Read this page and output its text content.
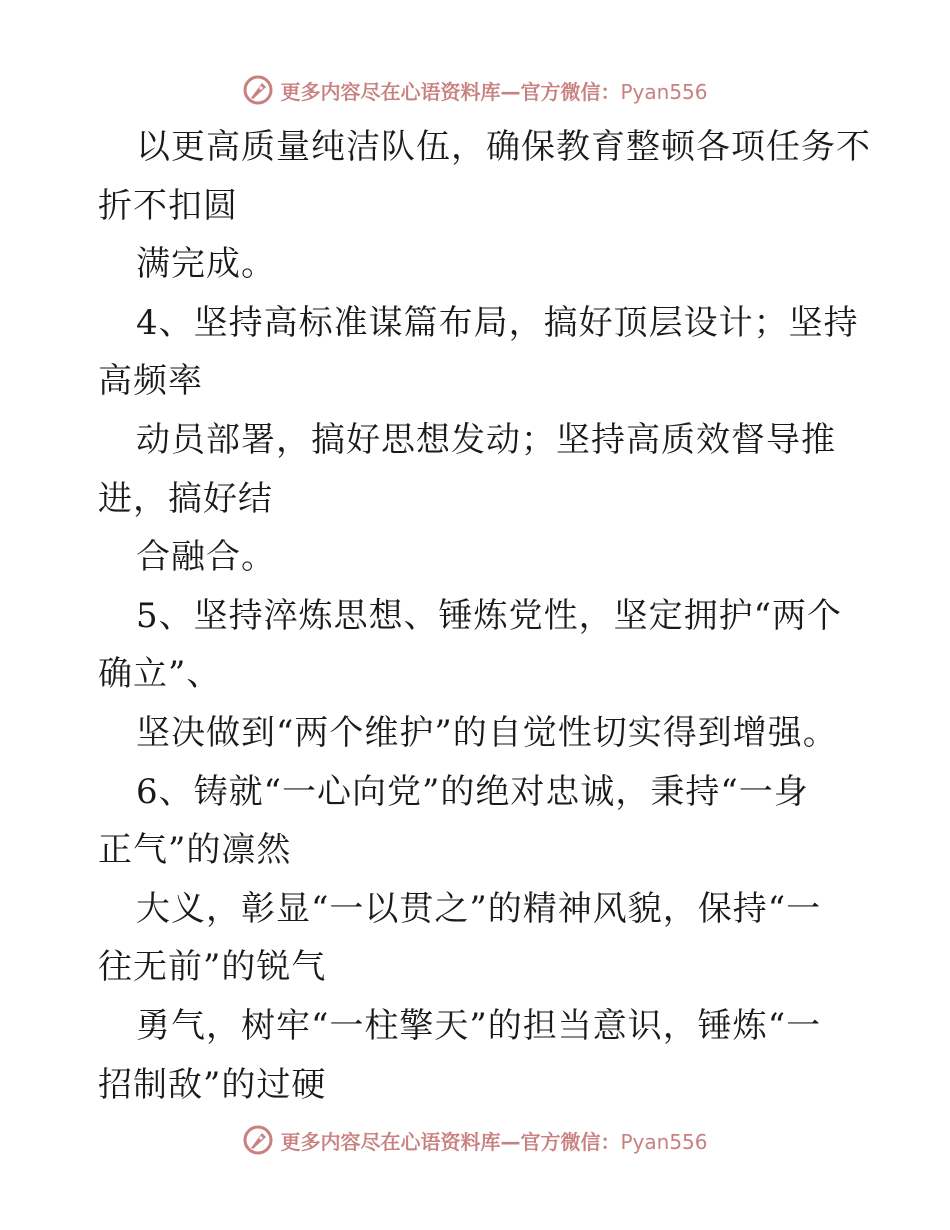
更多内容尽在心语资料库—官方微信：Pyan556
以更高质量纯洁队伍，确保教育整顿各项任务不
折不扣圆
满完成。
4、坚持高标准谋篇布局，搞好顶层设计；坚持
高频率
动员部署，搞好思想发动；坚持高质效督导推
进，搞好结
合融合。
5、坚持淬炼思想、锤炼党性，坚定拥护“两个
确立”、
坚决做到“两个维护”的自觉性切实得到增强。
6、铸就“一心向党”的绝对忠诚，秉持“一身
正气”的凛然
大义，彰显“一以贯之”的精神风貌，保持“一
往无前”的锐气
勇气，树牢“一柱擎天”的担当意识，锤炼“一
招制敌”的过硬
更多内容尽在心语资料库—官方微信：Pyan556
